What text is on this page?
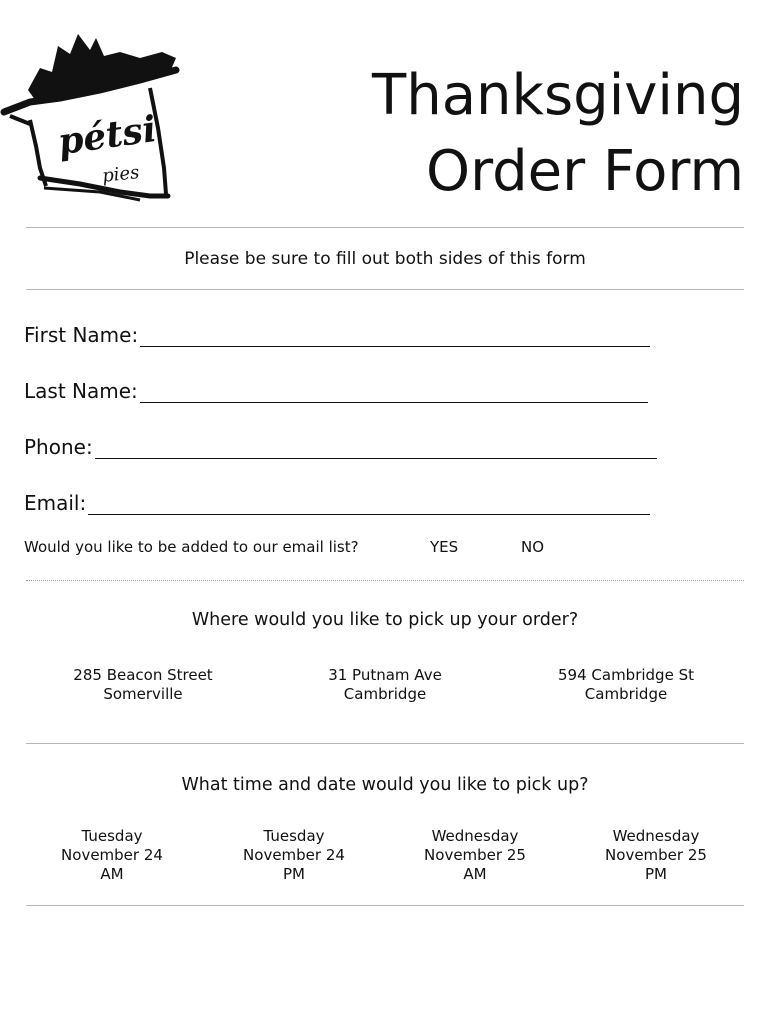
pétsi
pies
Thanksgiving
Order Form
Please be sure to fill out both sides of this form
First Name:
Last Name:
Phone:
Email:
Would you like to be added to our email list?	YES	NO
Where would you like to pick up your order?
285 Beacon Street
Somerville
31 Putnam Ave
Cambridge
594 Cambridge St
Cambridge
What time and date would you like to pick up?
Tuesday
November 24
AM
Tuesday
November 24
PM
Wednesday
November 25
AM
Wednesday
November 25
PM
